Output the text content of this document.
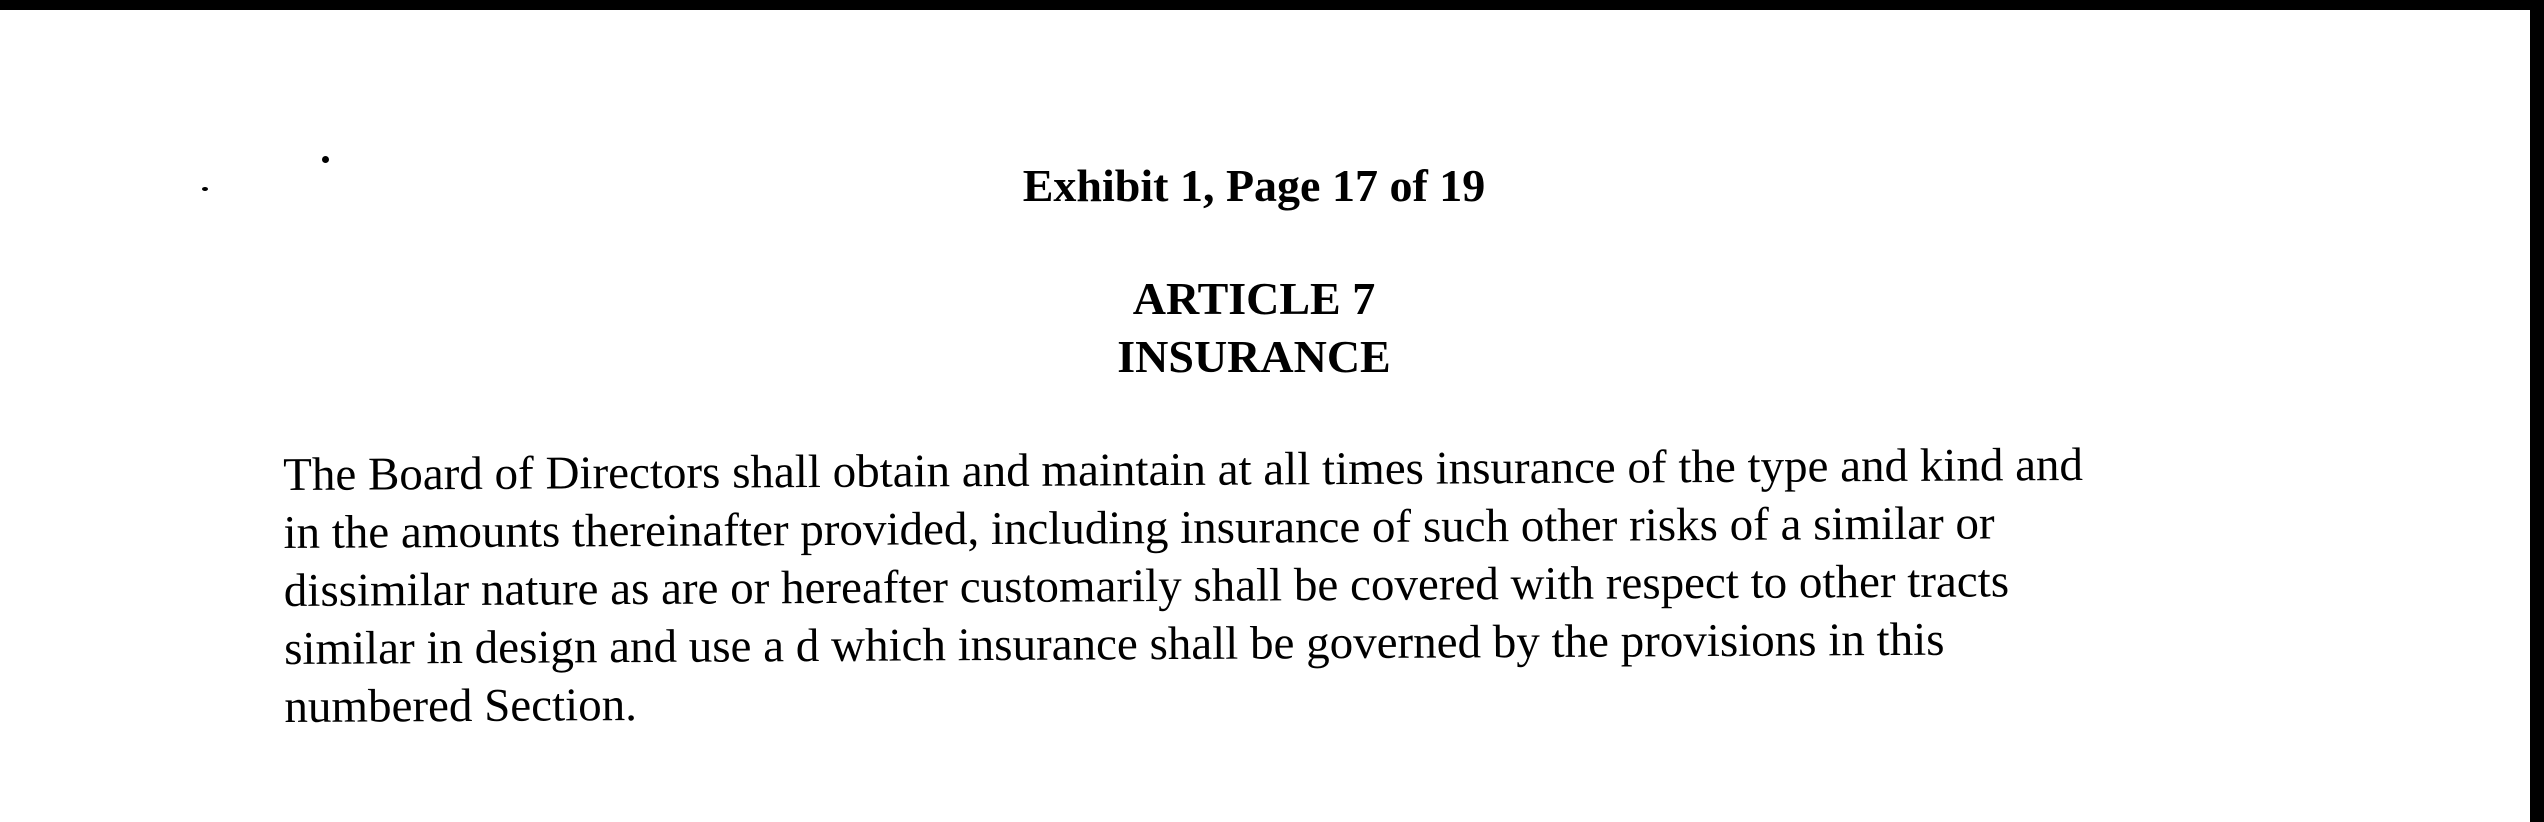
Exhibit 1, Page 17 of 19
ARTICLE 7
INSURANCE
The Board of Directors shall obtain and maintain at all times insurance of the type and kind and
in the amounts thereinafter provided, including insurance of such other risks of a similar or
dissimilar nature as are or hereafter customarily shall be covered with respect to other tracts
similar in design and use a d which insurance shall be governed by the provisions in this
numbered Section.
